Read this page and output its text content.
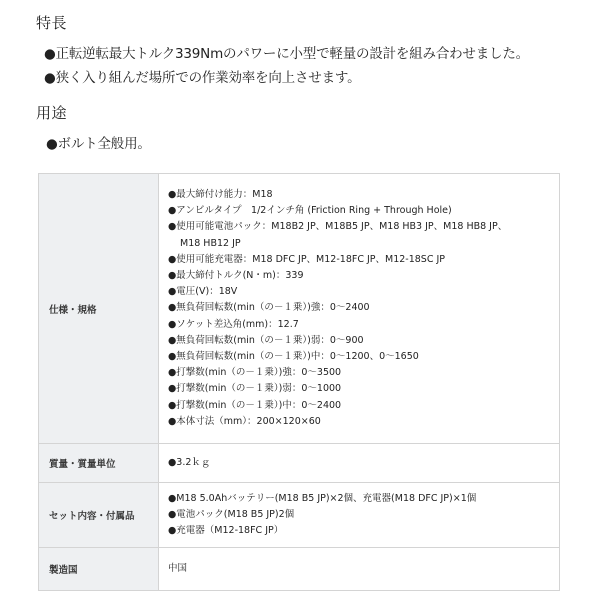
特長
●正転逆転最大トルク339Nmのパワーに小型で軽量の設計を組み合わせました。
●狭く入り組んだ場所での作業効率を向上させます。
用途
●ボルト全般用。
仕様・規格	
●最大締付け能力：M18
●アンビルタイプ　1/2インチ角 (Friction Ring + Through Hole)
●使用可能電池パック：M18B2 JP、M18B5 JP、M18 HB3 JP、M18 HB8 JP、
M18 HB12 JP
●使用可能充電器：M18 DFC JP、M12-18FC JP、M12-18SC JP
●最大締付トルク(N・m)：339
●電圧(V)：18V
●無負荷回転数(min（の－１乗）)強：0～2400
●ソケット差込角(mm)：12.7
●無負荷回転数(min（の－１乗）)弱：0～900
●無負荷回転数(min（の－１乗）)中：0～1200、0～1650
●打撃数(min（の－１乗）)強：0～3500
●打撃数(min（の－１乗）)弱：0～1000
●打撃数(min（の－１乗）)中：0～2400
●本体寸法（mm）：200×120×60

質量・質量単位	●3.2ｋｇ

セット内容・付属品	●M18 5.0Ahバッテリー(M18 B5 JP)×2個、充電器(M18 DFC JP)×1個
●電池パック(M18 B5 JP)2個
●充電器（M12-18FC JP）

製造国	中国
